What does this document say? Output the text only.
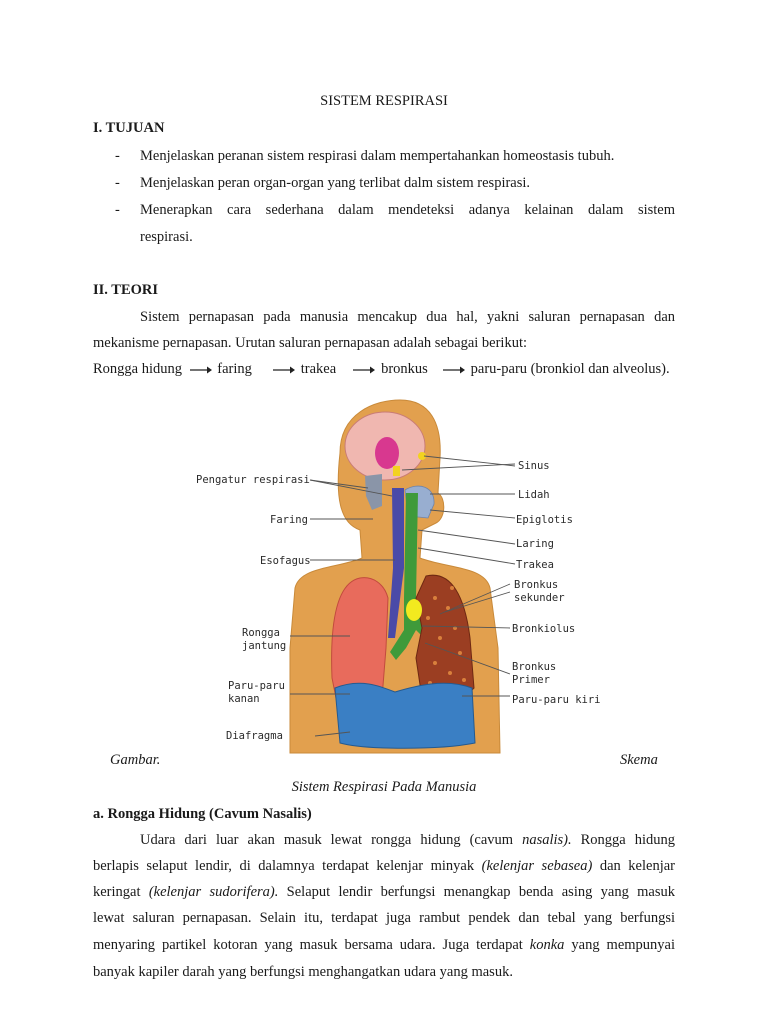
SISTEM RESPIRASI
I. TUJUAN
- Menjelaskan peranan sistem respirasi dalam mempertahankan homeostasis tubuh.
- Menjelaskan peran organ-organ yang terlibat dalm sistem respirasi.
- Menerapkan cara sederhana dalam mendeteksi adanya kelainan dalam sistem
respirasi.
II. TEORI
Sistem pernapasan pada manusia mencakup dua hal, yakni saluran pernapasan dan
mekanisme pernapasan. Urutan saluran pernapasan adalah sebagai berikut:
Rongga hidung faring	trakea	bronkus	paru-paru (bronkiol dan alveolus).
Pengatur respirasi
Faring
Esofagus
Rongga
jantung
Paru-paru
kanan
Diafragma
Sinus
Lidah
Epiglotis
Laring
Trakea
Bronkus
sekunder
Bronkiolus
Bronkus
Primer
Paru-paru kiri
Gambar.	Skema
Sistem Respirasi Pada Manusia
a. Rongga Hidung (Cavum Nasalis)
Udara dari luar akan masuk lewat rongga hidung (cavum nasalis). Rongga hidung
berlapis selaput lendir, di dalamnya terdapat kelenjar minyak (kelenjar sebasea) dan kelenjar
keringat (kelenjar sudorifera). Selaput lendir berfungsi menangkap benda asing yang masuk
lewat saluran pernapasan. Selain itu, terdapat juga rambut pendek dan tebal yang berfungsi
menyaring partikel kotoran yang masuk bersama udara. Juga terdapat konka yang mempunyai
banyak kapiler darah yang berfungsi menghangatkan udara yang masuk.
